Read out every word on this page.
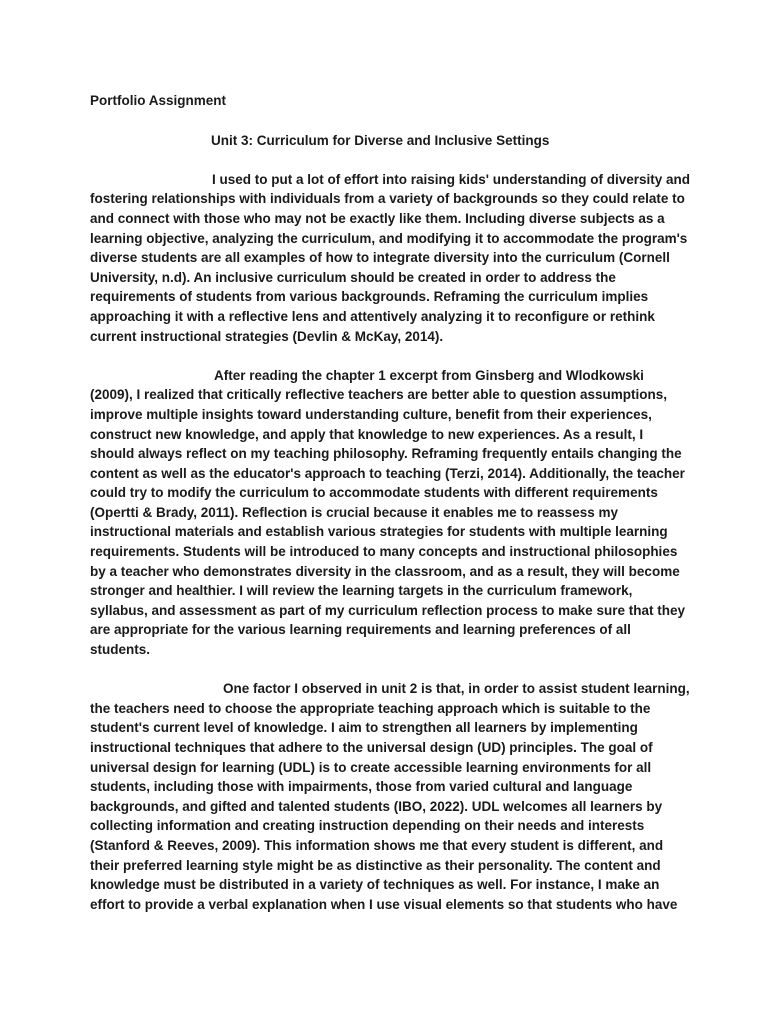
Portfolio Assignment

Unit 3: Curriculum for Diverse and Inclusive Settings

I used to put a lot of effort into raising kids' understanding of diversity and fostering relationships with individuals from a variety of backgrounds so they could relate to and connect with those who may not be exactly like them. Including diverse subjects as a learning objective, analyzing the curriculum, and modifying it to accommodate the program's diverse students are all examples of how to integrate diversity into the curriculum (Cornell University, n.d). An inclusive curriculum should be created in order to address the requirements of students from various backgrounds. Reframing the curriculum implies approaching it with a reflective lens and attentively analyzing it to reconfigure or rethink current instructional strategies (Devlin & McKay, 2014).

After reading the chapter 1 excerpt from Ginsberg and Wlodkowski (2009), I realized that critically reflective teachers are better able to question assumptions, improve multiple insights toward understanding culture, benefit from their experiences, construct new knowledge, and apply that knowledge to new experiences. As a result, I should always reflect on my teaching philosophy. Reframing frequently entails changing the content as well as the educator's approach to teaching (Terzi, 2014). Additionally, the teacher could try to modify the curriculum to accommodate students with different requirements (Opertti & Brady, 2011). Reflection is crucial because it enables me to reassess my instructional materials and establish various strategies for students with multiple learning requirements. Students will be introduced to many concepts and instructional philosophies by a teacher who demonstrates diversity in the classroom, and as a result, they will become stronger and healthier. I will review the learning targets in the curriculum framework, syllabus, and assessment as part of my curriculum reflection process to make sure that they are appropriate for the various learning requirements and learning preferences of all students.

One factor I observed in unit 2 is that, in order to assist student learning, the teachers need to choose the appropriate teaching approach which is suitable to the student's current level of knowledge. I aim to strengthen all learners by implementing instructional techniques that adhere to the universal design (UD) principles. The goal of universal design for learning (UDL) is to create accessible learning environments for all students, including those with impairments, those from varied cultural and language backgrounds, and gifted and talented students (IBO, 2022). UDL welcomes all learners by collecting information and creating instruction depending on their needs and interests (Stanford & Reeves, 2009). This information shows me that every student is different, and their preferred learning style might be as distinctive as their personality. The content and knowledge must be distributed in a variety of techniques as well. For instance, I make an effort to provide a verbal explanation when I use visual elements so that students who have
